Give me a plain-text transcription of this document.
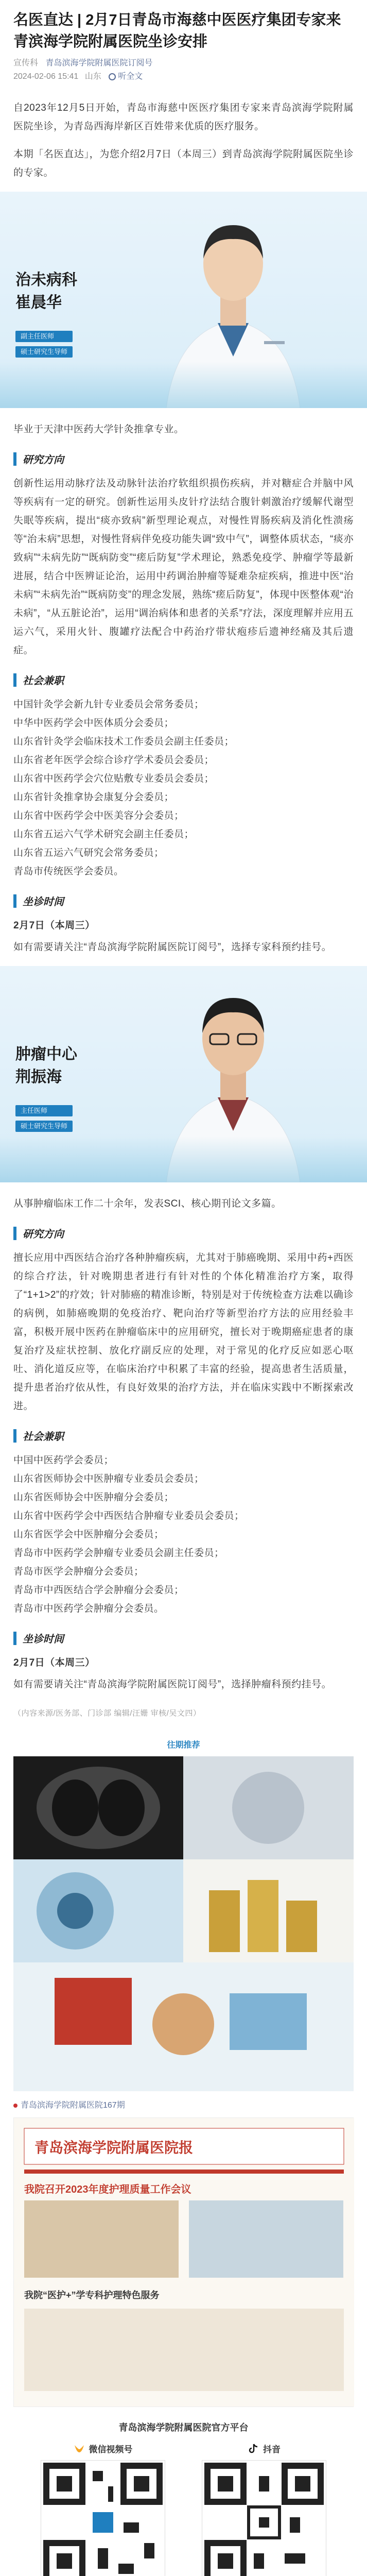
名医直达 | 2月7日青岛市海慈中医医疗集团专家来青滨海学院附属医院坐诊安排
宣传科 青岛滨海学院附属医院订阅号
2024-02-06 15:41 山东 听全文

自2023年12月5日开始，青岛市海慈中医医疗集团专家来青岛滨海学院附属医院坐诊，为青岛西海岸新区百姓带来优质的医疗服务。

本期「名医直达」，为您介绍2月7日（本周三）到青岛滨海学院附属医院坐诊的专家。

治未病科
崔晨华
副主任医师
硕士研究生导师

毕业于天津中医药大学针灸推拿专业。

研究方向

创新性运用动脉疗法及动脉针法治疗软组织损伤疾病，并对糖症合并脑中风等疾病有一定的研究。创新性运用头皮针疗法结合腹针刺激治疗缓解代谢型失眠等疾病，提出“痰亦致病”新型理论观点，对慢性胃肠疾病及消化性溃疡等“治未病”思想，对慢性肾病伴免疫功能失调“致中气”，调整体质状态，“痰亦致病”“未病先防”“既病防变”“瘥后防复”学术理论，熟悉免疫学、肿瘤学等最新进展，结合中医辨证论治，运用中药调治肿瘤等疑难杂症疾病，推进中医“治未病”“未病先治”“既病防变”的理念发展，熟练“瘥后防复”，体现中医整体观“治未病”，“从五脏论治”，运用“调治病体和患者的关系”疗法，深度理解并应用五运六气，采用火针、腹罐疗法配合中药治疗带状疱疹后遗神经痛及其后遗症。

社会兼职

中国针灸学会新九针专业委员会常务委员；

中华中医药学会中医体质分会委员；

山东省针灸学会临床技术工作委员会副主任委员；

山东省老年医学会综合诊疗学术委员会委员；

山东省中医药学会穴位贴敷专业委员会委员；

山东省针灸推拿协会康复分会委员；

山东省中医药学会中医美容分会委员；

山东省五运六气学术研究会副主任委员；

山东省五运六气研究会常务委员；

青岛市传统医学会委员。

坐诊时间

2月7日（本周三）

如有需要请关注“青岛滨海学院附属医院订阅号”，选择专家科预约挂号。

肿瘤中心
荆振海
主任医师
硕士研究生导师

从事肿瘤临床工作二十余年，发表SCI、核心期刊论文多篇。

研究方向

擅长应用中西医结合治疗各种肿瘤疾病，尤其对于肺癌晚期、采用中药+西医的综合疗法，针对晚期患者进行有针对性的个体化精准治疗方案，取得了“1+1>2”的疗效；针对肺癌的精准诊断，特别是对于传统检查方法难以确诊的病例，如肺癌晚期的免疫治疗、靶向治疗等新型治疗方法的应用经验丰富，积极开展中医药在肿瘤临床中的应用研究，擅长对于晚期癌症患者的康复治疗及症状控制、放化疗副反应的处理，对于常见的化疗反应如恶心呕吐、消化道反应等，在临床治疗中积累了丰富的经验，提高患者生活质量，提升患者治疗依从性，有良好效果的治疗方法，并在临床实践中不断探索改进。

社会兼职

中国中医药学会委员；

山东省医师协会中医肿瘤专业委员会委员；

山东省医师协会中医肿瘤分会委员；

山东省中医药学会中西医结合肿瘤专业委员会委员；

山东省医学会中医肿瘤分会委员；

青岛市中医药学会肿瘤专业委员会副主任委员；

青岛市医学会肿瘤分会委员；

青岛市中西医结合学会肿瘤分会委员；

青岛市中医药学会肿瘤分会委员。

坐诊时间

2月7日（本周三）

如有需要请关注“青岛滨海学院附属医院订阅号”，选择肿瘤科预约挂号。

（内容来源/医务部、门诊部 编辑/汪姗 审核/吴文四）

往期推荐
青岛滨海学院附属医院167期
青岛滨海学院附属医院报
我院召开2023年度护理质量工作会议
我院“医护+”学专科护理特色服务
青岛滨海学院附属医院官方平台
微信视频号	抖音
